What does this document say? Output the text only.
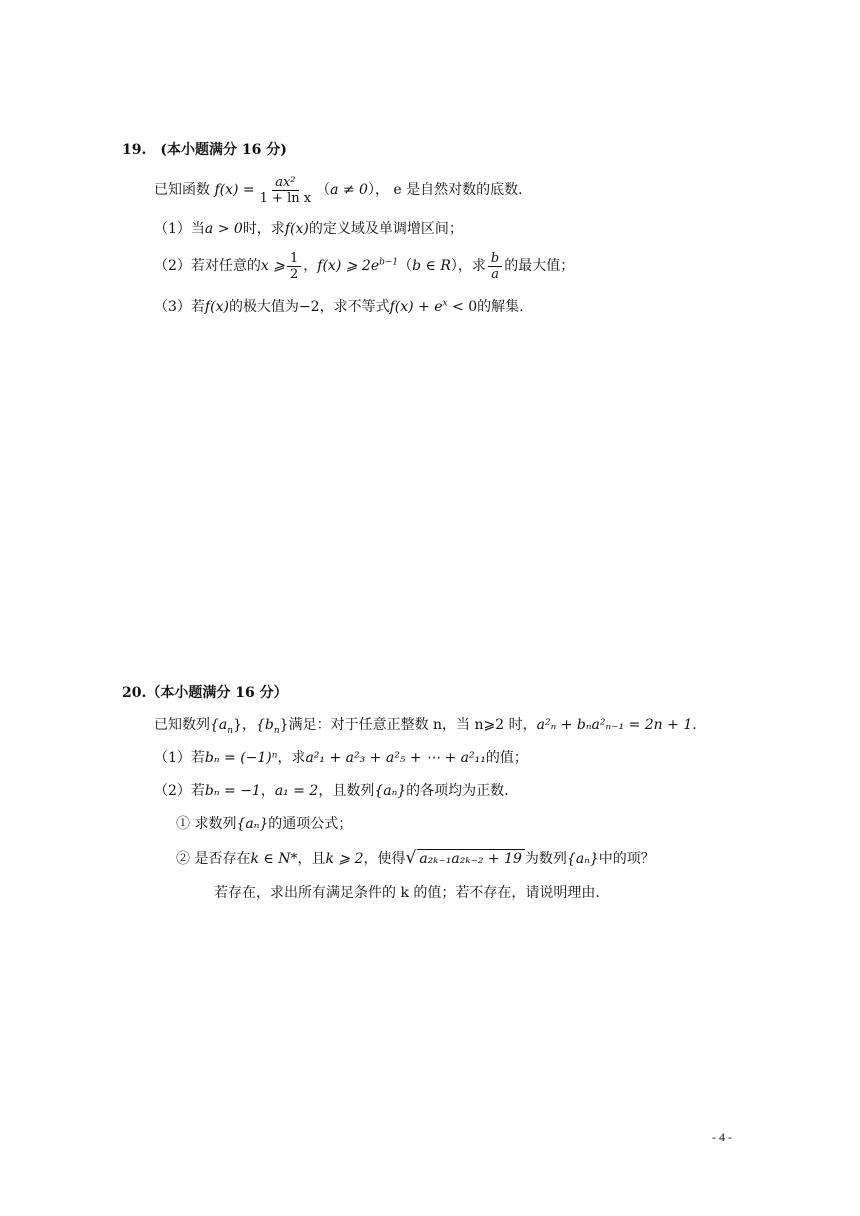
19.　(本小题满分 16 分)
已知函数 $f(x) = \frac{\text{ax²}}{\text{1 + ln x}} (a \ne 0)$， e 是自然对数的底数.
（1）当a > 0时，求f(x)的定义域及单调增区间；
（2）若对任意的x ⩾ $\frac{1}{2}$ ，f(x) ⩾ $2e^{b-1}(b$ ∈ R），求 $\frac{b}{a}$ 的最大值；
（3）若f(x)的极大值为−2，求不等式$f(x) + e^x < 0$的解集.
20.（本小题满分 16 分）
已知数列$\{a_n\}$，$\{b_n\}$满足：对于任意正整数 n，当 n⩾2 时，a²ₙ + bₙa²ₙ₋₁ = 2n + 1.
（1）若bₙ = (−1)ⁿ，求a²₁ + a²₃ + a²₅ + ⋯ + a²₁₁的值；
（2）若bₙ = −1，a₁ = 2，且数列{aₙ}的各项均为正数.
① 求数列{aₙ}的通项公式；
② 是否存在k ∈ N*，且k ⩾ 2，使得√ a₂ₖ₋₁a₂ₖ₋₂ + 19 为数列{aₙ}中的项？
若存在，求出所有满足条件的 k 的值；若不存在，请说明理由.
- 4 -
